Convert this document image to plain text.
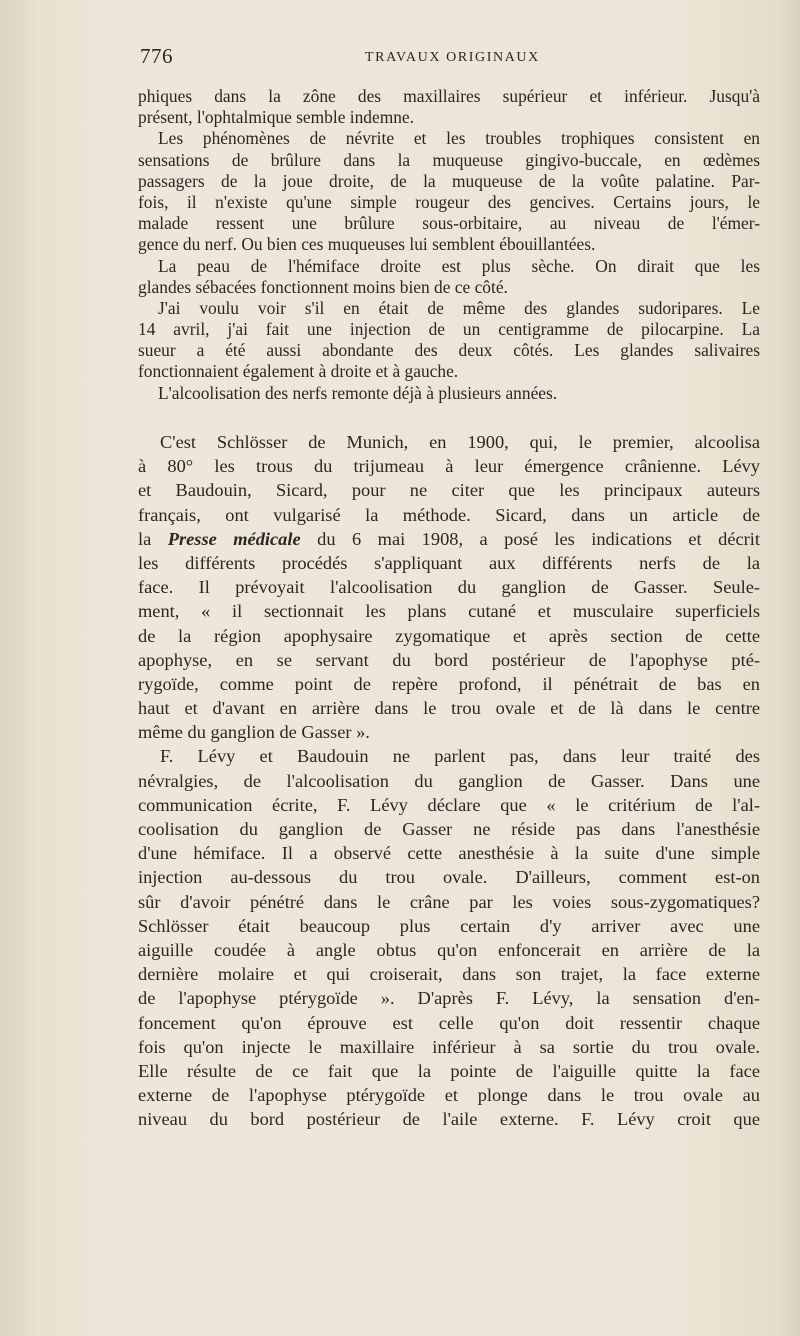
776	TRAVAUX ORIGINAUX
phiques dans la zône des maxillaires supérieur et inférieur. Jusqu'à
présent, l'ophtalmique semble indemne.
Les phénomènes de névrite et les troubles trophiques consistent en
sensations de brûlure dans la muqueuse gingivo-buccale, en œdèmes
passagers de la joue droite, de la muqueuse de la voûte palatine. Par-
fois, il n'existe qu'une simple rougeur des gencives. Certains jours, le
malade ressent une brûlure sous-orbitaire, au niveau de l'émer-
gence du nerf. Ou bien ces muqueuses lui semblent ébouillantées.
La peau de l'hémiface droite est plus sèche. On dirait que les
glandes sébacées fonctionnent moins bien de ce côté.
J'ai voulu voir s'il en était de même des glandes sudoripares. Le
14 avril, j'ai fait une injection de un centigramme de pilocarpine. La
sueur a été aussi abondante des deux côtés. Les glandes salivaires
fonctionnaient également à droite et à gauche.
L'alcoolisation des nerfs remonte déjà à plusieurs années.
C'est Schlösser de Munich, en 1900, qui, le premier, alcoolisa
à 80° les trous du trijumeau à leur émergence crânienne. Lévy
et Baudouin, Sicard, pour ne citer que les principaux auteurs
français, ont vulgarisé la méthode. Sicard, dans un article de
la Presse médicale du 6 mai 1908, a posé les indications et décrit
les différents procédés s'appliquant aux différents nerfs de la
face. Il prévoyait l'alcoolisation du ganglion de Gasser. Seule-
ment, « il sectionnait les plans cutané et musculaire superficiels
de la région apophysaire zygomatique et après section de cette
apophyse, en se servant du bord postérieur de l'apophyse pté-
rygoïde, comme point de repère profond, il pénétrait de bas en
haut et d'avant en arrière dans le trou ovale et de là dans le centre
même du ganglion de Gasser ».
F. Lévy et Baudouin ne parlent pas, dans leur traité des
névralgies, de l'alcoolisation du ganglion de Gasser. Dans une
communication écrite, F. Lévy déclare que « le critérium de l'al-
coolisation du ganglion de Gasser ne réside pas dans l'anesthésie
d'une hémiface. Il a observé cette anesthésie à la suite d'une simple
injection au-dessous du trou ovale. D'ailleurs, comment est-on
sûr d'avoir pénétré dans le crâne par les voies sous-zygomatiques?
Schlösser était beaucoup plus certain d'y arriver avec une
aiguille coudée à angle obtus qu'on enfoncerait en arrière de la
dernière molaire et qui croiserait, dans son trajet, la face externe
de l'apophyse ptérygoïde ». D'après F. Lévy, la sensation d'en-
foncement qu'on éprouve est celle qu'on doit ressentir chaque
fois qu'on injecte le maxillaire inférieur à sa sortie du trou ovale.
Elle résulte de ce fait que la pointe de l'aiguille quitte la face
externe de l'apophyse ptérygoïde et plonge dans le trou ovale au
niveau du bord postérieur de l'aile externe. F. Lévy croit que
